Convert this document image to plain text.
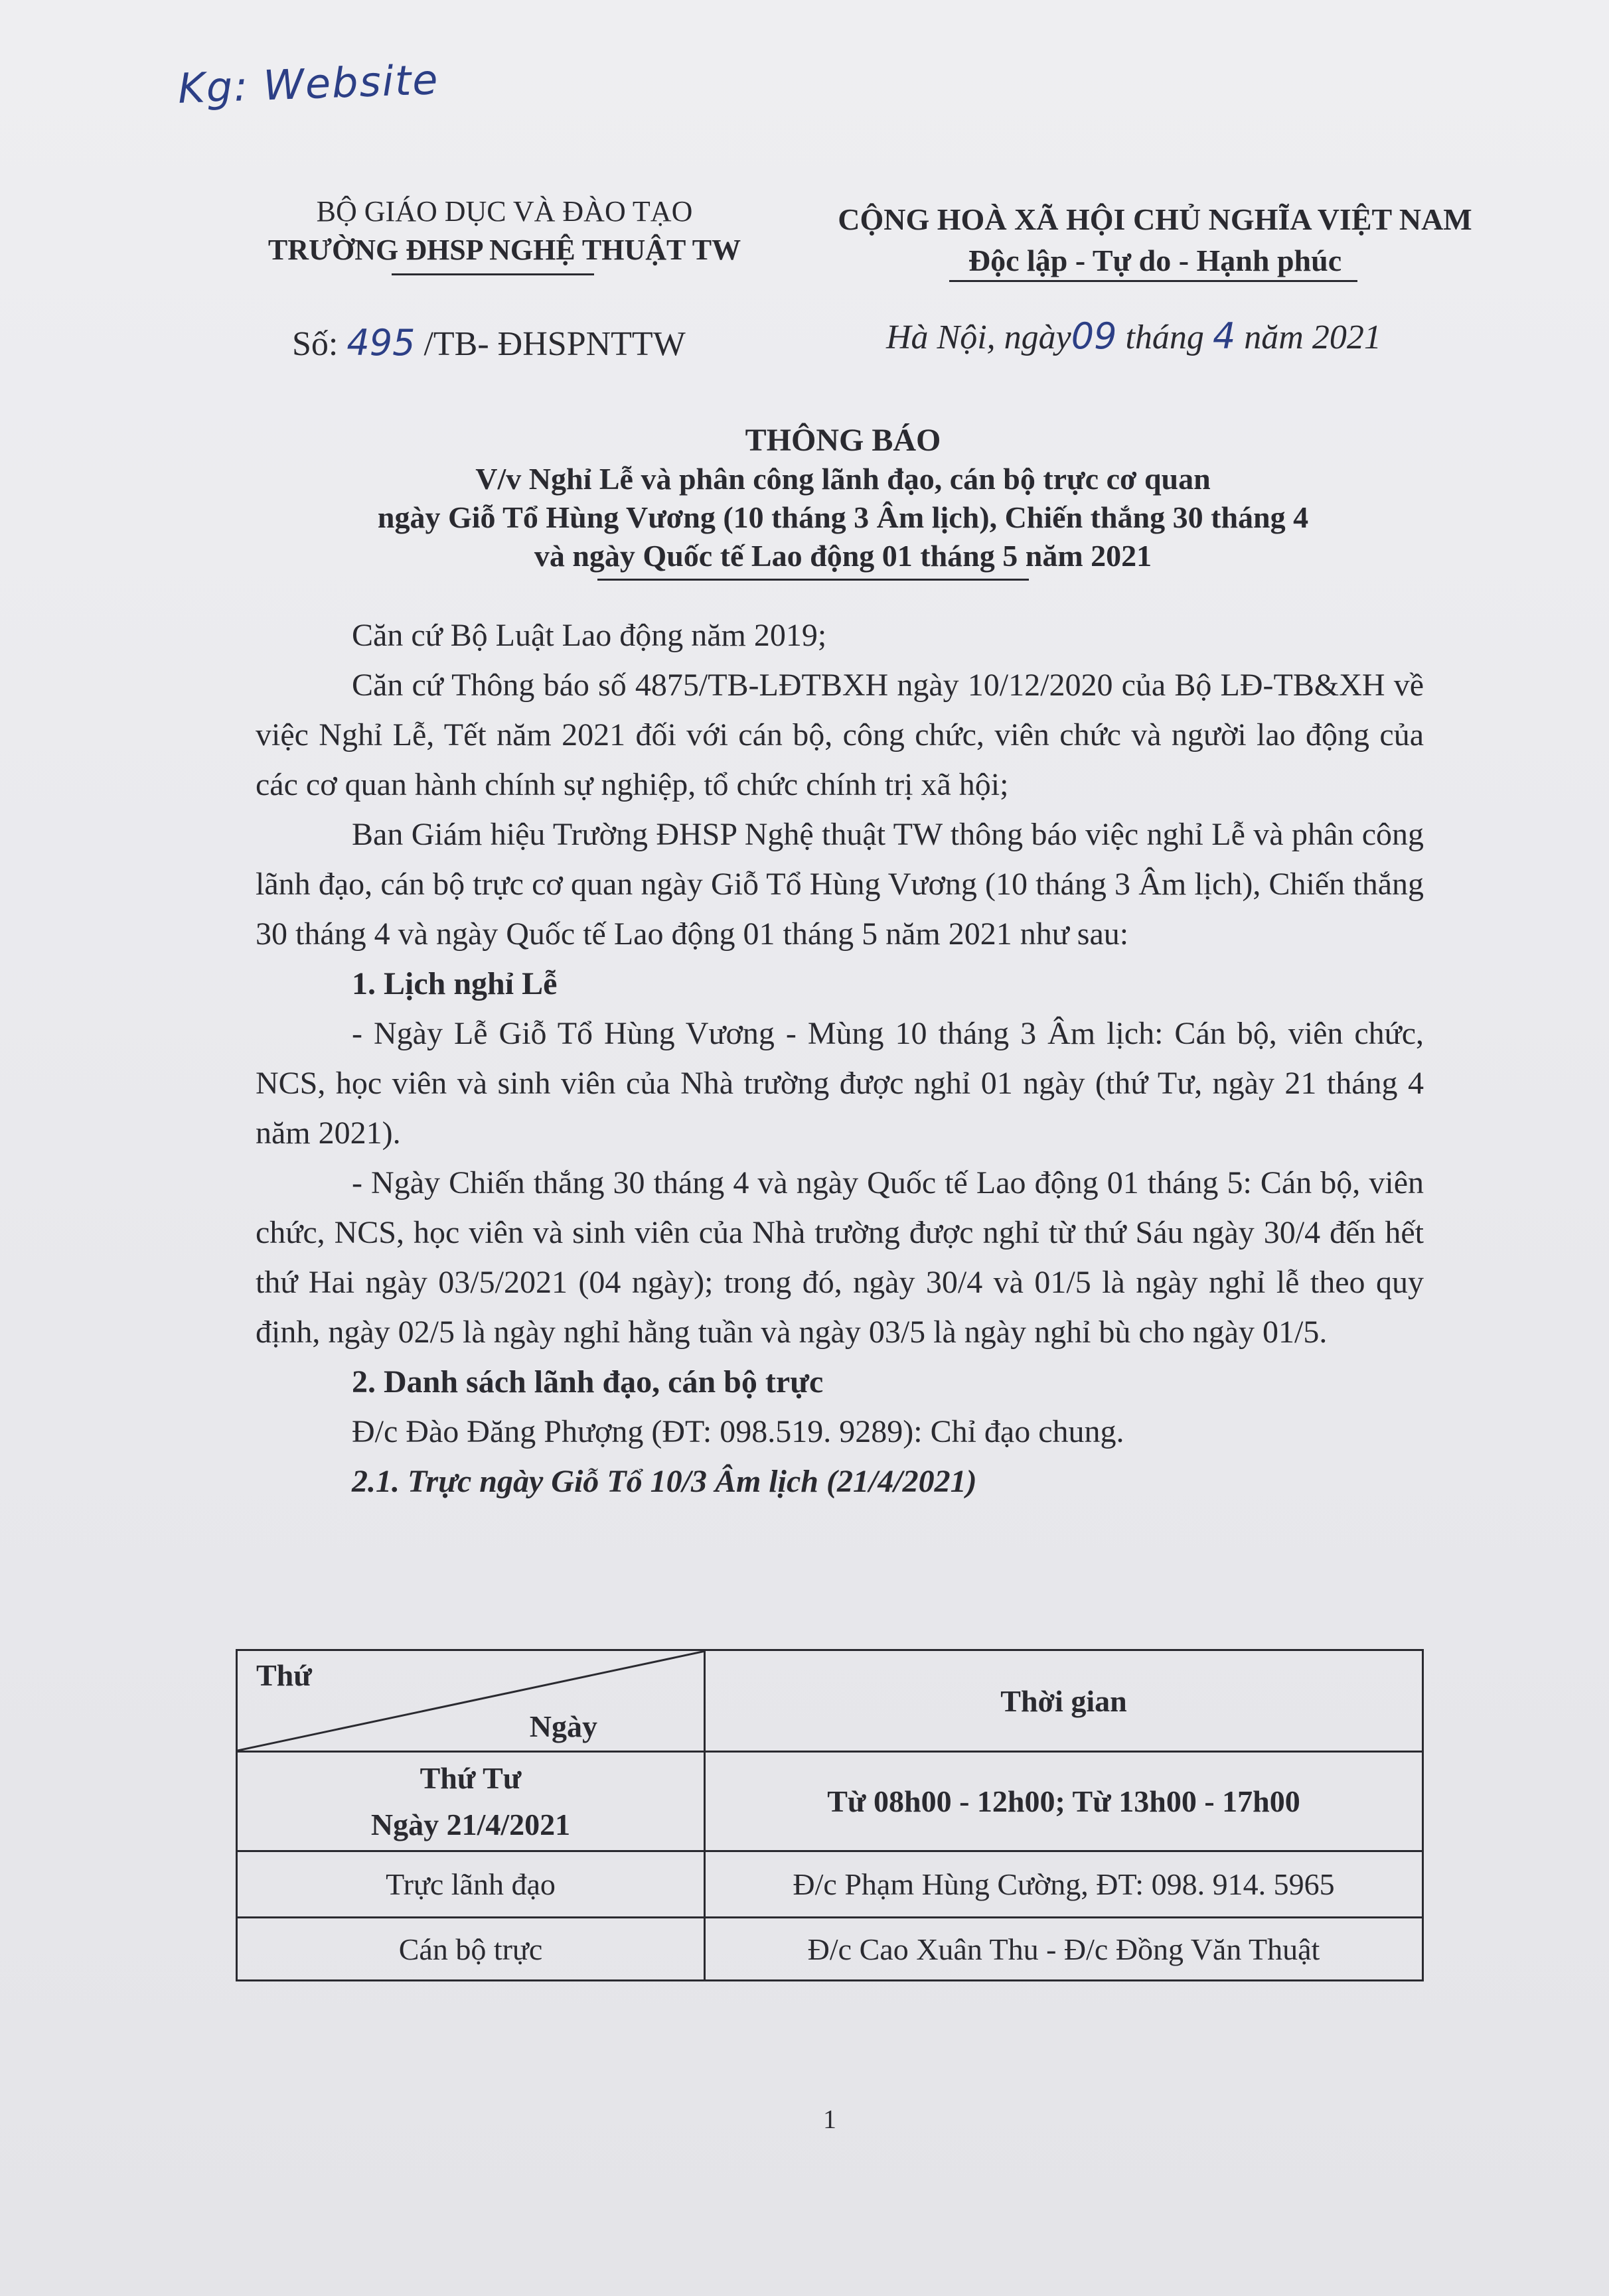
Kg: Website
BỘ GIÁO DỤC VÀ ĐÀO TẠO
TRƯỜNG ĐHSP NGHỆ THUẬT TW
CỘNG HOÀ XÃ HỘI CHỦ NGHĨA VIỆT NAM
Độc lập - Tự do - Hạnh phúc
Số: 495 /TB- ĐHSPNTTW	Hà Nội, ngày09 tháng 4 năm 2021
THÔNG BÁO
V/v Nghỉ Lễ và phân công lãnh đạo, cán bộ trực cơ quan
ngày Giỗ Tổ Hùng Vương (10 tháng 3 Âm lịch), Chiến thắng 30 tháng 4
và ngày Quốc tế Lao động 01 tháng 5 năm 2021

Căn cứ Bộ Luật Lao động năm 2019;

Căn cứ Thông báo số 4875/TB-LĐTBXH ngày 10/12/2020 của Bộ LĐ-TB&XH về việc Nghỉ Lễ, Tết năm 2021 đối với cán bộ, công chức, viên chức và người lao động của các cơ quan hành chính sự nghiệp, tổ chức chính trị xã hội;

Ban Giám hiệu Trường ĐHSP Nghệ thuật TW thông báo việc nghỉ Lễ và phân công lãnh đạo, cán bộ trực cơ quan ngày Giỗ Tổ Hùng Vương (10 tháng 3 Âm lịch), Chiến thắng 30 tháng 4 và ngày Quốc tế Lao động 01 tháng 5 năm 2021 như sau:

1. Lịch nghỉ Lễ

- Ngày Lễ Giỗ Tổ Hùng Vương - Mùng 10 tháng 3 Âm lịch: Cán bộ, viên chức, NCS, học viên và sinh viên của Nhà trường được nghỉ 01 ngày (thứ Tư, ngày 21 tháng 4 năm 2021).

- Ngày Chiến thắng 30 tháng 4 và ngày Quốc tế Lao động 01 tháng 5: Cán bộ, viên chức, NCS, học viên và sinh viên của Nhà trường được nghỉ từ thứ Sáu ngày 30/4 đến hết thứ Hai ngày 03/5/2021 (04 ngày); trong đó, ngày 30/4 và 01/5 là ngày nghỉ lễ theo quy định, ngày 02/5 là ngày nghỉ hằng tuần và ngày 03/5 là ngày nghỉ bù cho ngày 01/5.

2. Danh sách lãnh đạo, cán bộ trực

Đ/c Đào Đăng Phượng (ĐT: 098.519. 9289): Chỉ đạo chung.

2.1. Trực ngày Giỗ Tổ 10/3 Âm lịch (21/4/2021)

Thứ
Ngày	Thời gian

Thứ Tư
Ngày 21/4/2021	Từ 08h00 - 12h00; Từ 13h00 - 17h00
Trực lãnh đạo	Đ/c Phạm Hùng Cường, ĐT: 098. 914. 5965
Cán bộ trực	Đ/c Cao Xuân Thu - Đ/c Đồng Văn Thuật
1
